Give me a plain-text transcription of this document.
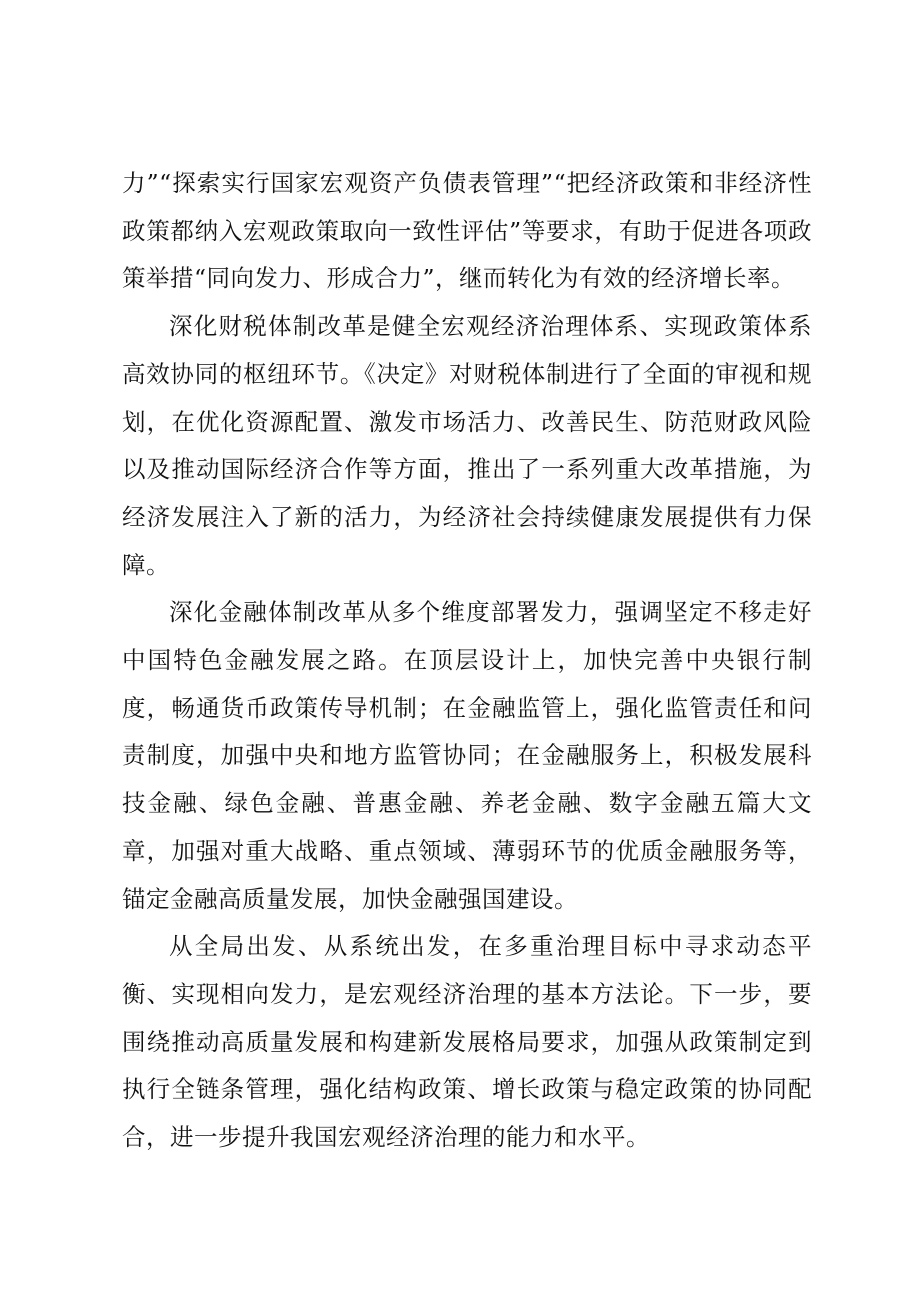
力”“探索实行国家宏观资产负债表管理”“把经济政策和非经济性政策都纳入宏观政策取向一致性评估”等要求，有助于促进各项政策举措“同向发力、形成合力”，继而转化为有效的经济增长率。

深化财税体制改革是健全宏观经济治理体系、实现政策体系高效协同的枢纽环节。《决定》对财税体制进行了全面的审视和规划，在优化资源配置、激发市场活力、改善民生、防范财政风险以及推动国际经济合作等方面，推出了一系列重大改革措施，为经济发展注入了新的活力，为经济社会持续健康发展提供有力保障。

深化金融体制改革从多个维度部署发力，强调坚定不移走好中国特色金融发展之路。在顶层设计上，加快完善中央银行制度，畅通货币政策传导机制；在金融监管上，强化监管责任和问责制度，加强中央和地方监管协同；在金融服务上，积极发展科技金融、绿色金融、普惠金融、养老金融、数字金融五篇大文章，加强对重大战略、重点领域、薄弱环节的优质金融服务等，锚定金融高质量发展，加快金融强国建设。

从全局出发、从系统出发，在多重治理目标中寻求动态平衡、实现相向发力，是宏观经济治理的基本方法论。下一步，要围绕推动高质量发展和构建新发展格局要求，加强从政策制定到执行全链条管理，强化结构政策、增长政策与稳定政策的协同配合，进一步提升我国宏观经济治理的能力和水平。
